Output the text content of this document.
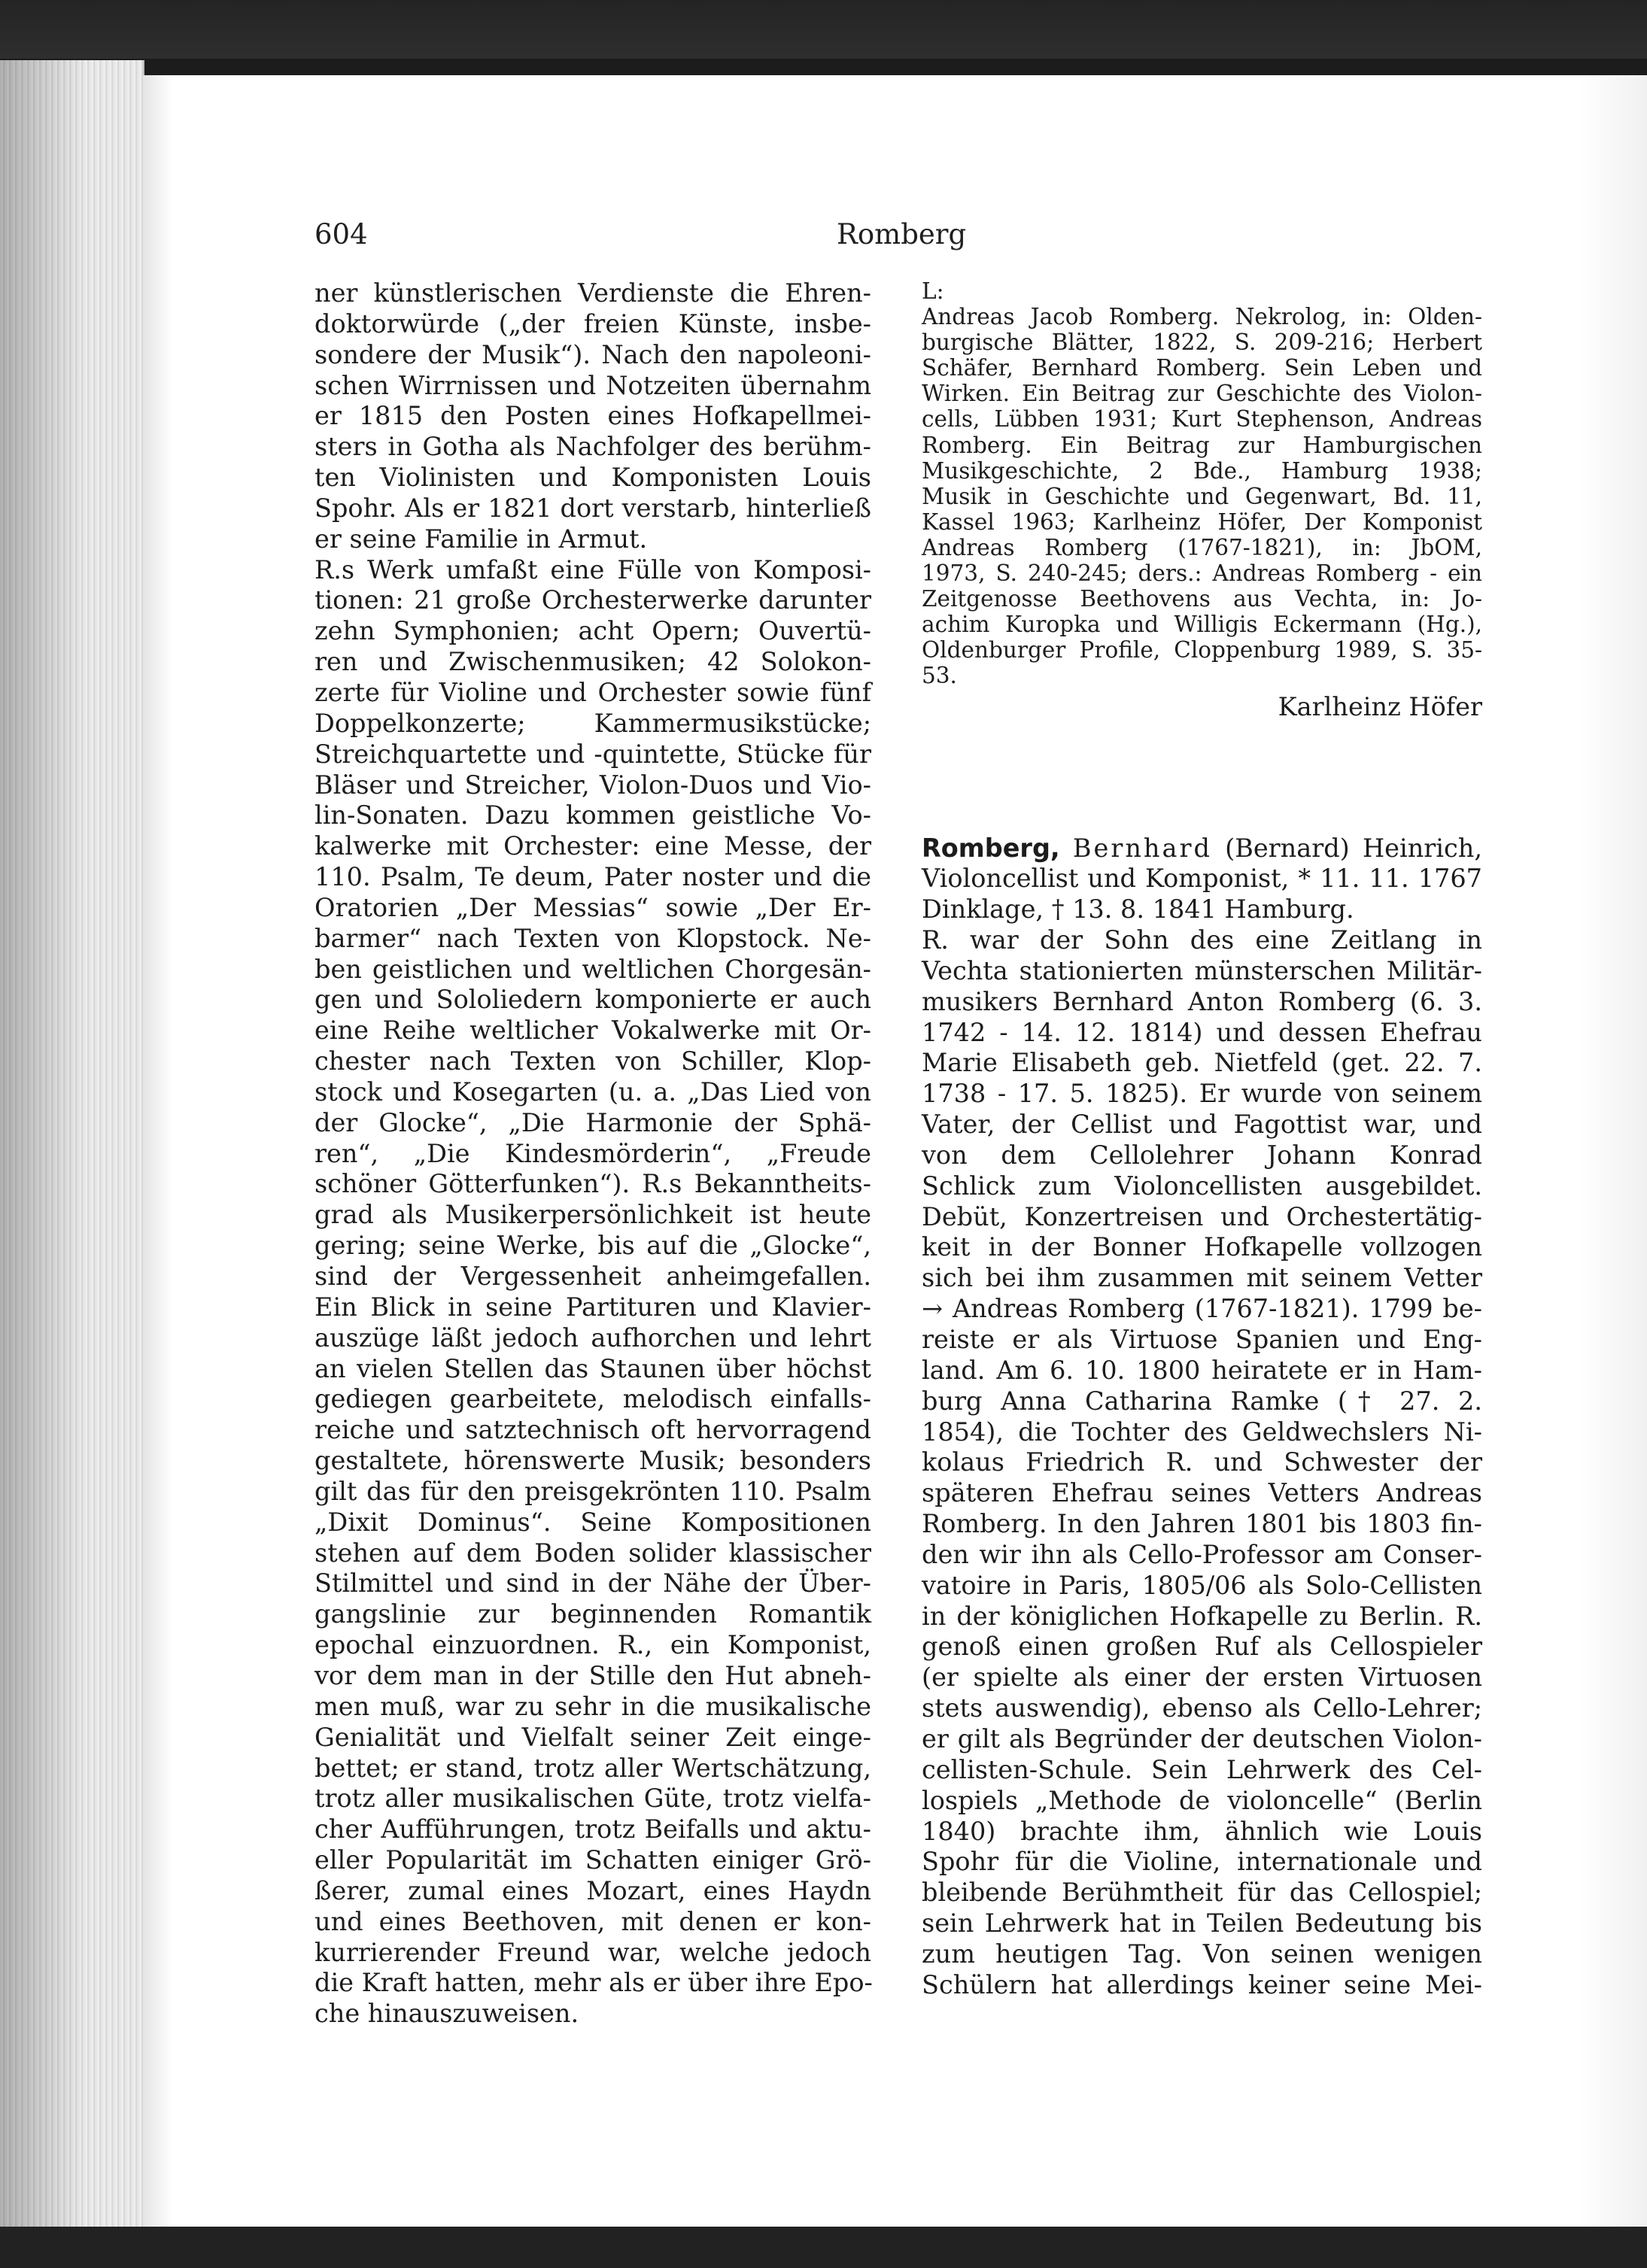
604	Romberg
ner künstlerischen Verdienste die Ehren-
doktorwürde („der freien Künste, insbe-
sondere der Musik“). Nach den napoleoni-
schen Wirrnissen und Notzeiten übernahm
er 1815 den Posten eines Hofkapellmei-
sters in Gotha als Nachfolger des berühm-
ten Violinisten und Komponisten Louis
Spohr. Als er 1821 dort verstarb, hinterließ
er seine Familie in Armut.
R.s Werk umfaßt eine Fülle von Komposi-
tionen: 21 große Orchesterwerke darunter
zehn Symphonien; acht Opern; Ouvertü-
ren und Zwischenmusiken; 42 Solokon-
zerte für Violine und Orchester sowie fünf
Doppelkonzerte; Kammermusikstücke;
Streichquartette und -quintette, Stücke für
Bläser und Streicher, Violon-Duos und Vio-
lin-Sonaten. Dazu kommen geistliche Vo-
kalwerke mit Orchester: eine Messe, der
110. Psalm, Te deum, Pater noster und die
Oratorien „Der Messias“ sowie „Der Er-
barmer“ nach Texten von Klopstock. Ne-
ben geistlichen und weltlichen Chorgesän-
gen und Sololiedern komponierte er auch
eine Reihe weltlicher Vokalwerke mit Or-
chester nach Texten von Schiller, Klop-
stock und Kosegarten (u. a. „Das Lied von
der Glocke“, „Die Harmonie der Sphä-
ren“, „Die Kindesmörderin“, „Freude
schöner Götterfunken“). R.s Bekanntheits-
grad als Musikerpersönlichkeit ist heute
gering; seine Werke, bis auf die „Glocke“,
sind der Vergessenheit anheimgefallen.
Ein Blick in seine Partituren und Klavier-
auszüge läßt jedoch aufhorchen und lehrt
an vielen Stellen das Staunen über höchst
gediegen gearbeitete, melodisch einfalls-
reiche und satztechnisch oft hervorragend
gestaltete, hörenswerte Musik; besonders
gilt das für den preisgekrönten 110. Psalm
„Dixit Dominus“. Seine Kompositionen
stehen auf dem Boden solider klassischer
Stilmittel und sind in der Nähe der Über-
gangslinie zur beginnenden Romantik
epochal einzuordnen. R., ein Komponist,
vor dem man in der Stille den Hut abneh-
men muß, war zu sehr in die musikalische
Genialität und Vielfalt seiner Zeit einge-
bettet; er stand, trotz aller Wertschätzung,
trotz aller musikalischen Güte, trotz vielfa-
cher Aufführungen, trotz Beifalls und aktu-
eller Popularität im Schatten einiger Grö-
ßerer, zumal eines Mozart, eines Haydn
und eines Beethoven, mit denen er kon-
kurrierender Freund war, welche jedoch
die Kraft hatten, mehr als er über ihre Epo-
che hinauszuweisen.
L:
Andreas Jacob Romberg. Nekrolog, in: Olden-
burgische Blätter, 1822, S. 209-216; Herbert
Schäfer, Bernhard Romberg. Sein Leben und
Wirken. Ein Beitrag zur Geschichte des Violon-
cells, Lübben 1931; Kurt Stephenson, Andreas
Romberg. Ein Beitrag zur Hamburgischen
Musikgeschichte, 2 Bde., Hamburg 1938;
Musik in Geschichte und Gegenwart, Bd. 11,
Kassel 1963; Karlheinz Höfer, Der Komponist
Andreas Romberg (1767-1821), in: JbOM,
1973, S. 240-245; ders.: Andreas Romberg - ein
Zeitgenosse Beethovens aus Vechta, in: Jo-
achim Kuropka und Willigis Eckermann (Hg.),
Oldenburger Profile, Cloppenburg 1989, S. 35-
53.
Karlheinz Höfer
Romberg, Bernhard (Bernard) Heinrich,
Violoncellist und Komponist, * 11. 11. 1767
Dinklage, † 13. 8. 1841 Hamburg.
R. war der Sohn des eine Zeitlang in
Vechta stationierten münsterschen Militär-
musikers Bernhard Anton Romberg (6. 3.
1742 - 14. 12. 1814) und dessen Ehefrau
Marie Elisabeth geb. Nietfeld (get. 22. 7.
1738 - 17. 5. 1825). Er wurde von seinem
Vater, der Cellist und Fagottist war, und
von dem Cellolehrer Johann Konrad
Schlick zum Violoncellisten ausgebildet.
Debüt, Konzertreisen und Orchestertätig-
keit in der Bonner Hofkapelle vollzogen
sich bei ihm zusammen mit seinem Vetter
→ Andreas Romberg (1767-1821). 1799 be-
reiste er als Virtuose Spanien und Eng-
land. Am 6. 10. 1800 heiratete er in Ham-
burg Anna Catharina Ramke († 27. 2.
1854), die Tochter des Geldwechslers Ni-
kolaus Friedrich R. und Schwester der
späteren Ehefrau seines Vetters Andreas
Romberg. In den Jahren 1801 bis 1803 fin-
den wir ihn als Cello-Professor am Conser-
vatoire in Paris, 1805/06 als Solo-Cellisten
in der königlichen Hofkapelle zu Berlin. R.
genoß einen großen Ruf als Cellospieler
(er spielte als einer der ersten Virtuosen
stets auswendig), ebenso als Cello-Lehrer;
er gilt als Begründer der deutschen Violon-
cellisten-Schule. Sein Lehrwerk des Cel-
lospiels „Methode de violoncelle“ (Berlin
1840) brachte ihm, ähnlich wie Louis
Spohr für die Violine, internationale und
bleibende Berühmtheit für das Cellospiel;
sein Lehrwerk hat in Teilen Bedeutung bis
zum heutigen Tag. Von seinen wenigen
Schülern hat allerdings keiner seine Mei-
